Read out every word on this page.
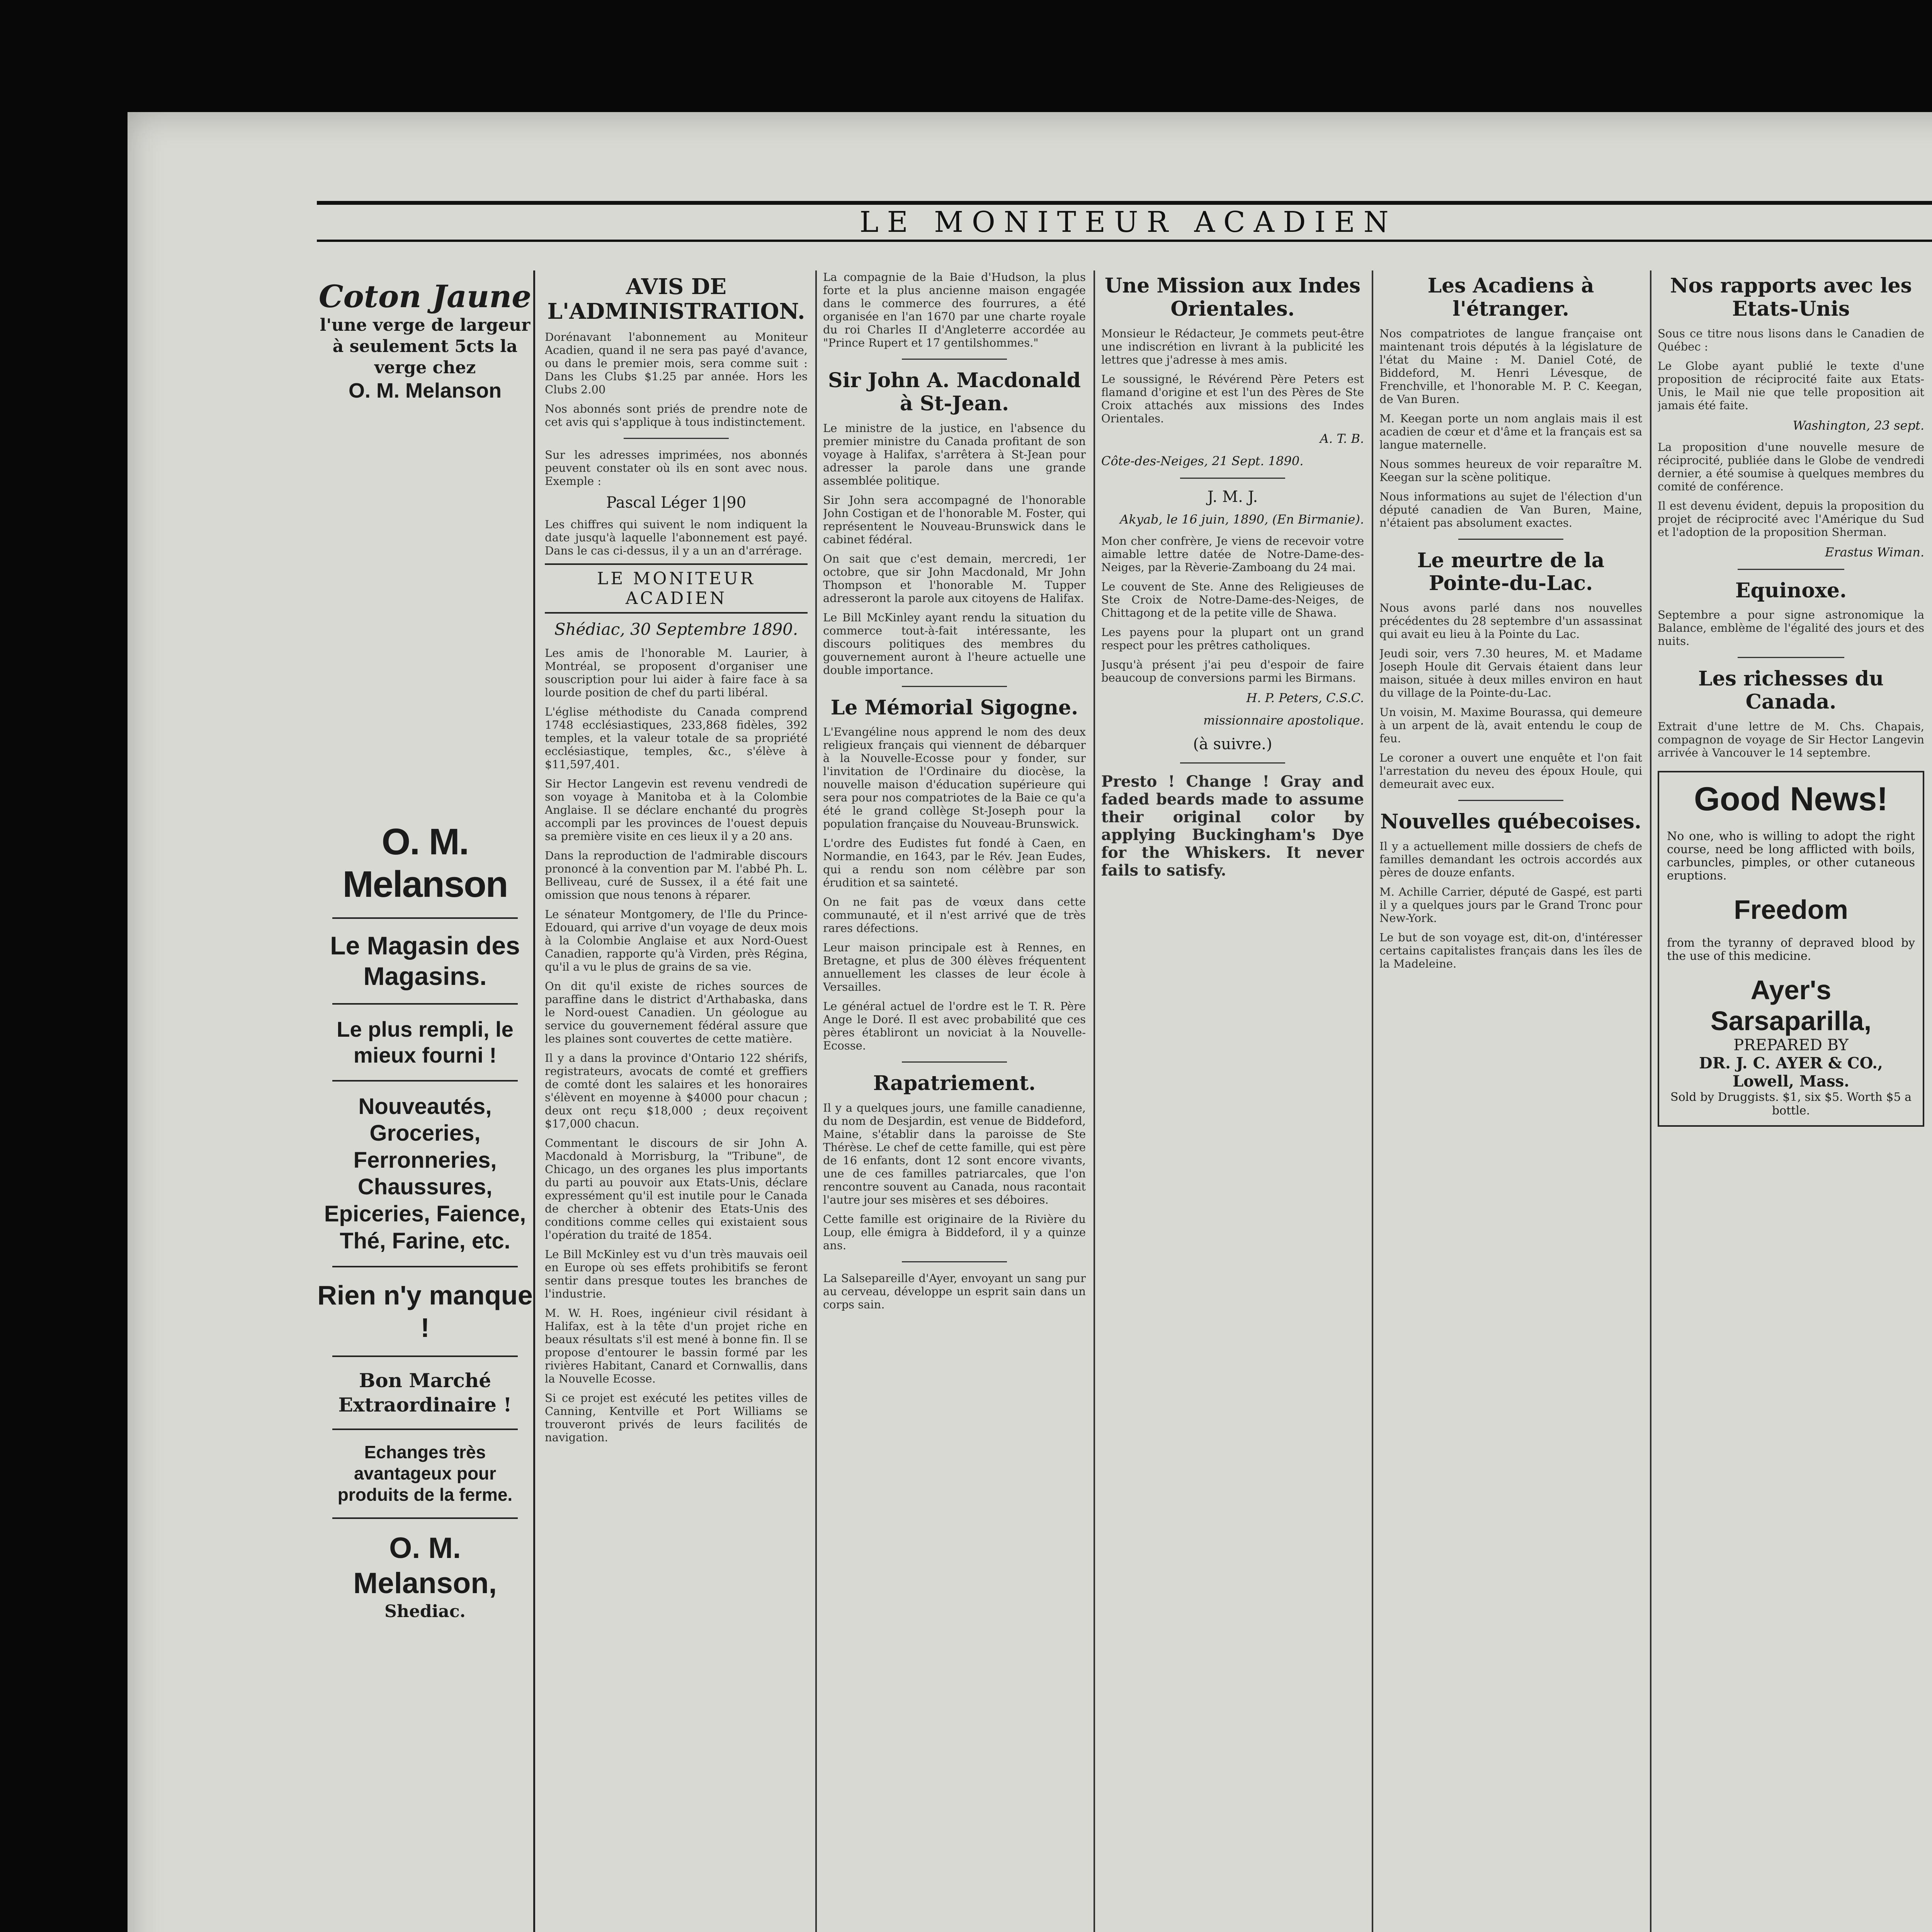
LE MONITEUR ACADIEN
Coton Jaune
l'une verge de largeur à seulement 5cts la verge chez
O. M. Melanson
O. M. Melanson
Le Magasin des Magasins.
Le plus rempli, le mieux fourni !
Nouveautés, Groceries, Ferronneries, Chaussures, Epiceries, Faience, Thé, Farine, etc.
Rien n'y manque !
Bon Marché Extraordinaire !
Echanges très avantageux pour produits de la ferme.
O. M. Melanson,
Shediac.
AVIS DE L'ADMINISTRATION.

Dorénavant l'abonnement au Moniteur Acadien, quand il ne sera pas payé d'avance, ou dans le premier mois, sera comme suit : Dans les Clubs $1.25 par année. Hors les Clubs 2.00

Nos abonnés sont priés de prendre note de cet avis qui s'applique à tous indistinctement.

Sur les adresses imprimées, nos abonnés peuvent constater où ils en sont avec nous. Exemple :

Pascal Léger 1|90

Les chiffres qui suivent le nom indiquent la date jusqu'à laquelle l'abonnement est payé. Dans le cas ci-dessus, il y a un an d'arrérage.

LE MONITEUR ACADIEN
Shédiac, 30 Septembre 1890.

Les amis de l'honorable M. Laurier, à Montréal, se proposent d'organiser une souscription pour lui aider à faire face à sa lourde position de chef du parti libéral.

L'église méthodiste du Canada comprend 1748 ecclésiastiques, 233,868 fidèles, 392 temples, et la valeur totale de sa propriété ecclésiastique, temples, &c., s'élève à $11,597,401.

Sir Hector Langevin est revenu vendredi de son voyage à Manitoba et à la Colombie Anglaise. Il se déclare enchanté du progrès accompli par les provinces de l'ouest depuis sa première visite en ces lieux il y a 20 ans.

Dans la reproduction de l'admirable discours prononcé à la convention par M. l'abbé Ph. L. Belliveau, curé de Sussex, il a été fait une omission que nous tenons à réparer.

Le sénateur Montgomery, de l'Ile du Prince-Edouard, qui arrive d'un voyage de deux mois à la Colombie Anglaise et aux Nord-Ouest Canadien, rapporte qu'à Virden, près Régina, qu'il a vu le plus de grains de sa vie.

On dit qu'il existe de riches sources de paraffine dans le district d'Arthabaska, dans le Nord-ouest Canadien. Un géologue au service du gouvernement fédéral assure que les plaines sont couvertes de cette matière.

Il y a dans la province d'Ontario 122 shérifs, registrateurs, avocats de comté et greffiers de comté dont les salaires et les honoraires s'élèvent en moyenne à $4000 pour chacun ; deux ont reçu $18,000 ; deux reçoivent $17,000 chacun.

Commentant le discours de sir John A. Macdonald à Morrisburg, la "Tribune", de Chicago, un des organes les plus importants du parti au pouvoir aux Etats-Unis, déclare expressément qu'il est inutile pour le Canada de chercher à obtenir des Etats-Unis des conditions comme celles qui existaient sous l'opération du traité de 1854.

Le Bill McKinley est vu d'un très mauvais oeil en Europe où ses effets prohibitifs se feront sentir dans presque toutes les branches de l'industrie.

M. W. H. Roes, ingénieur civil résidant à Halifax, est à la tête d'un projet riche en beaux résultats s'il est mené à bonne fin. Il se propose d'entourer le bassin formé par les rivières Habitant, Canard et Cornwallis, dans la Nouvelle Ecosse.

Si ce projet est exécuté les petites villes de Canning, Kentville et Port Williams se trouveront privés de leurs facilités de navigation.

La compagnie de la Baie d'Hudson, la plus forte et la plus ancienne maison engagée dans le commerce des fourrures, a été organisée en l'an 1670 par une charte royale du roi Charles II d'Angleterre accordée au "Prince Rupert et 17 gentilshommes."

Sir John A. Macdonald à St-Jean.

Le ministre de la justice, en l'absence du premier ministre du Canada profitant de son voyage à Halifax, s'arrêtera à St-Jean pour adresser la parole dans une grande assemblée politique.

Sir John sera accompagné de l'honorable John Costigan et de l'honorable M. Foster, qui représentent le Nouveau-Brunswick dans le cabinet fédéral.

On sait que c'est demain, mercredi, 1er octobre, que sir John Macdonald, Mr John Thompson et l'honorable M. Tupper adresseront la parole aux citoyens de Halifax.

Le Bill McKinley ayant rendu la situation du commerce tout-à-fait intéressante, les discours politiques des membres du gouvernement auront à l'heure actuelle une double importance.

Le Mémorial Sigogne.

L'Evangéline nous apprend le nom des deux religieux français qui viennent de débarquer à la Nouvelle-Ecosse pour y fonder, sur l'invitation de l'Ordinaire du diocèse, la nouvelle maison d'éducation supérieure qui sera pour nos compatriotes de la Baie ce qu'a été le grand collège St-Joseph pour la population française du Nouveau-Brunswick.

L'ordre des Eudistes fut fondé à Caen, en Normandie, en 1643, par le Rév. Jean Eudes, qui a rendu son nom célèbre par son érudition et sa sainteté.

On ne fait pas de vœux dans cette communauté, et il n'est arrivé que de très rares défections.

Leur maison principale est à Rennes, en Bretagne, et plus de 300 élèves fréquentent annuellement les classes de leur école à Versailles.

Le général actuel de l'ordre est le T. R. Père Ange le Doré. Il est avec probabilité que ces pères établiront un noviciat à la Nouvelle-Ecosse.

Rapatriement.

Il y a quelques jours, une famille canadienne, du nom de Desjardin, est venue de Biddeford, Maine, s'établir dans la paroisse de Ste Thérèse. Le chef de cette famille, qui est père de 16 enfants, dont 12 sont encore vivants, une de ces familles patriarcales, que l'on rencontre souvent au Canada, nous racontait l'autre jour ses misères et ses déboires.

Cette famille est originaire de la Rivière du Loup, elle émigra à Biddeford, il y a quinze ans.

La Salsepareille d'Ayer, envoyant un sang pur au cerveau, développe un esprit sain dans un corps sain.

Une Mission aux Indes Orientales.

Monsieur le Rédacteur, Je commets peut-être une indiscrétion en livrant à la publicité les lettres que j'adresse à mes amis.

Le soussigné, le Révérend Père Peters est flamand d'origine et est l'un des Pères de Ste Croix attachés aux missions des Indes Orientales.

A. T. B.
Côte-des-Neiges, 21 Sept. 1890.
J. M. J.
Akyab, le 16 juin, 1890, (En Birmanie).

Mon cher confrère, Je viens de recevoir votre aimable lettre datée de Notre-Dame-des-Neiges, par la Rèverie-Zamboang du 24 mai.

Le couvent de Ste. Anne des Religieuses de Ste Croix de Notre-Dame-des-Neiges, de Chittagong et de la petite ville de Shawa.

Les payens pour la plupart ont un grand respect pour les prêtres catholiques.

Jusqu'à présent j'ai peu d'espoir de faire beaucoup de conversions parmi les Birmans.

H. P. Peters, C.S.C.
missionnaire apostolique.
(à suivre.)

Presto ! Change ! Gray and faded beards made to assume their original color by applying Buckingham's Dye for the Whiskers. It never fails to satisfy.

Les Acadiens à l'étranger.

Nos compatriotes de langue française ont maintenant trois députés à la législature de l'état du Maine : M. Daniel Coté, de Biddeford, M. Henri Lévesque, de Frenchville, et l'honorable M. P. C. Keegan, de Van Buren.

M. Keegan porte un nom anglais mais il est acadien de cœur et d'âme et la français est sa langue maternelle.

Nous sommes heureux de voir reparaître M. Keegan sur la scène politique.

Nous informations au sujet de l'élection d'un député canadien de Van Buren, Maine, n'étaient pas absolument exactes.

Le meurtre de la Pointe-du-Lac.

Nous avons parlé dans nos nouvelles précédentes du 28 septembre d'un assassinat qui avait eu lieu à la Pointe du Lac.

Jeudi soir, vers 7.30 heures, M. et Madame Joseph Houle dit Gervais étaient dans leur maison, située à deux milles environ en haut du village de la Pointe-du-Lac.

Un voisin, M. Maxime Bourassa, qui demeure à un arpent de là, avait entendu le coup de feu.

Le coroner a ouvert une enquête et l'on fait l'arrestation du neveu des époux Houle, qui demeurait avec eux.

Nouvelles québecoises.

Il y a actuellement mille dossiers de chefs de familles demandant les octrois accordés aux pères de douze enfants.

M. Achille Carrier, député de Gaspé, est parti il y a quelques jours par le Grand Tronc pour New-York.

Le but de son voyage est, dit-on, d'intéresser certains capitalistes français dans les îles de la Madeleine.

Nos rapports avec les Etats-Unis

Sous ce titre nous lisons dans le Canadien de Québec :

Le Globe ayant publié le texte d'une proposition de réciprocité faite aux Etats-Unis, le Mail nie que telle proposition ait jamais été faite.

Washington, 23 sept.

La proposition d'une nouvelle mesure de réciprocité, publiée dans le Globe de vendredi dernier, a été soumise à quelques membres du comité de conférence.

Il est devenu évident, depuis la proposition du projet de réciprocité avec l'Amérique du Sud et l'adoption de la proposition Sherman.

Erastus Wiman.
Equinoxe.

Septembre a pour signe astronomique la Balance, emblème de l'égalité des jours et des nuits.

Les richesses du Canada.

Extrait d'une lettre de M. Chs. Chapais, compagnon de voyage de Sir Hector Langevin arrivée à Vancouver le 14 septembre.

Good News!

No one, who is willing to adopt the right course, need be long afflicted with boils, carbuncles, pimples, or other cutaneous eruptions.

Freedom

from the tyranny of depraved blood by the use of this medicine.

Ayer's Sarsaparilla,
PREPARED BY
DR. J. C. AYER & CO., Lowell, Mass.
Sold by Druggists. $1, six $5. Worth $5 a bottle.
